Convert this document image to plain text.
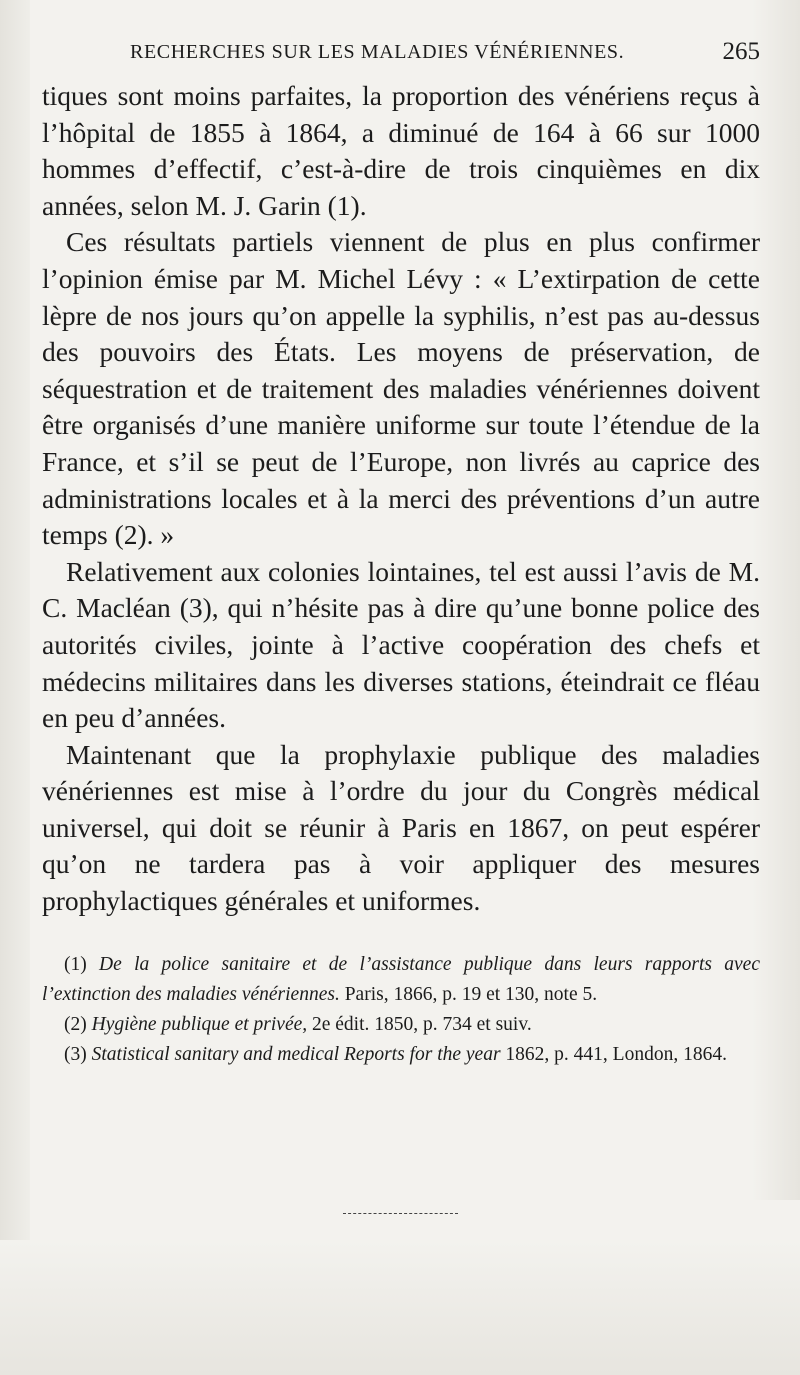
RECHERCHES SUR LES MALADIES VÉNÉRIENNES.	265

tiques sont moins parfaites, la proportion des vénériens reçus à l’hôpital de 1855 à 1864, a diminué de 164 à 66 sur 1000 hommes d’effectif, c’est-à-dire de trois cinquièmes en dix années, selon M. J. Garin (1).

Ces résultats partiels viennent de plus en plus confirmer l’opinion émise par M. Michel Lévy : « L’extirpation de cette lèpre de nos jours qu’on appelle la syphilis, n’est pas au-dessus des pouvoirs des États. Les moyens de préservation, de séquestration et de traitement des maladies vénériennes doivent être organisés d’une manière uniforme sur toute l’étendue de la France, et s’il se peut de l’Europe, non livrés au caprice des administrations locales et à la merci des préventions d’un autre temps (2). »

Relativement aux colonies lointaines, tel est aussi l’avis de M. C. Macléan (3), qui n’hésite pas à dire qu’une bonne police des autorités civiles, jointe à l’active coopération des chefs et médecins militaires dans les diverses stations, éteindrait ce fléau en peu d’années.

Maintenant que la prophylaxie publique des maladies vénériennes est mise à l’ordre du jour du Congrès médical universel, qui doit se réunir à Paris en 1867, on peut espérer qu’on ne tardera pas à voir appliquer des mesures prophylactiques générales et uniformes.

(1) De la police sanitaire et de l’assistance publique dans leurs rapports avec l’extinction des maladies vénériennes. Paris, 1866, p. 19 et 130, note 5.

(2) Hygiène publique et privée, 2e édit. 1850, p. 734 et suiv.

(3) Statistical sanitary and medical Reports for the year 1862, p. 441, London, 1864.
